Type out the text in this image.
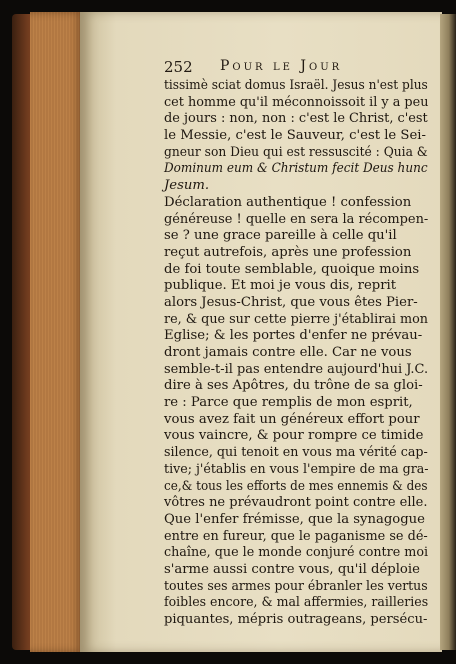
252 Pour le Jour
tissimè sciat domus Israël. Jesus n'est plus
cet homme qu'il méconnoissoit il y a peu
de jours : non, non : c'est le Christ, c'est
le Messie, c'est le Sauveur, c'est le Sei-
gneur son Dieu qui est ressuscité : Quia &
Dominum eum & Christum fecit Deus hunc
Jesum.
Déclaration authentique ! confession
généreuse ! quelle en sera la récompen-
se ? une grace pareille à celle qu'il
reçut autrefois, après une profession
de foi toute semblable, quoique moins
publique. Et moi je vous dis, reprit
alors Jesus-Christ, que vous êtes Pier-
re, & que sur cette pierre j'établirai mon
Eglise; & les portes d'enfer ne prévau-
dront jamais contre elle. Car ne vous
semble-t-il pas entendre aujourd'hui J.C.
dire à ses Apôtres, du trône de sa gloi-
re : Parce que remplis de mon esprit,
vous avez fait un généreux effort pour
vous vaincre, & pour rompre ce timide
silence, qui tenoit en vous ma vérité cap-
tive; j'établis en vous l'empire de ma gra-
ce,& tous les efforts de mes ennemis & des
vôtres ne prévaudront point contre elle.
Que l'enfer frémisse, que la synagogue
entre en fureur, que le paganisme se dé-
chaîne, que le monde conjuré contre moi
s'arme aussi contre vous, qu'il déploie
toutes ses armes pour ébranler les vertus
foibles encore, & mal affermies, railleries
piquantes, mépris outrageans, persécu-
